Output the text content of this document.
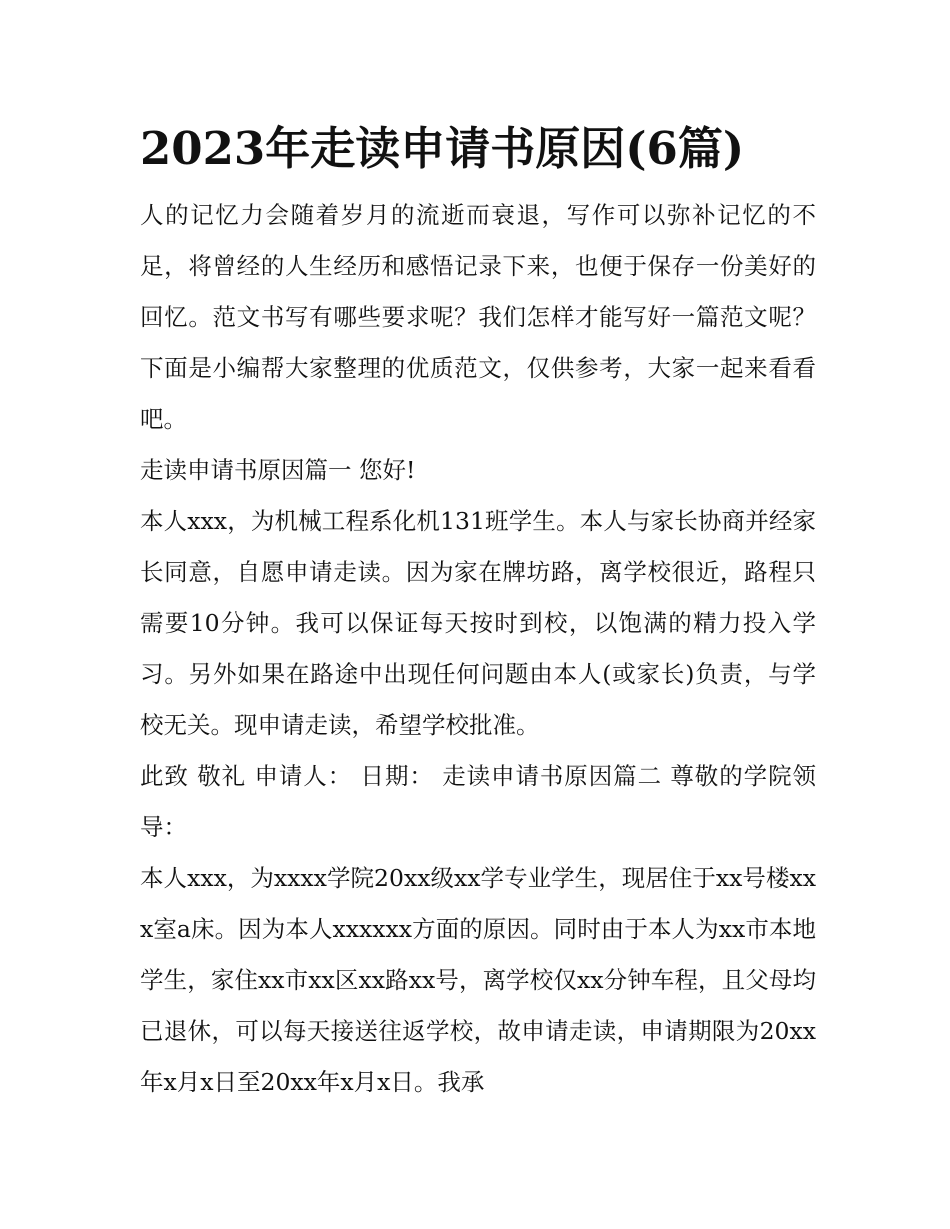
2023年走读申请书原因(6篇)

人的记忆力会随着岁月的流逝而衰退，写作可以弥补记忆的不足，将曾经的人生经历和感悟记录下来，也便于保存一份美好的回忆。范文书写有哪些要求呢？我们怎样才能写好一篇范文呢？下面是小编帮大家整理的优质范文，仅供参考，大家一起来看看吧。

走读申请书原因篇一 您好!

本人xxx，为机械工程系化机131班学生。本人与家长协商并经家长同意，自愿申请走读。因为家在牌坊路，离学校很近，路程只需要10分钟。我可以保证每天按时到校，以饱满的精力投入学习。另外如果在路途中出现任何问题由本人(或家长)负责，与学校无关。现申请走读，希望学校批准。

此致 敬礼 申请人： 日期： 走读申请书原因篇二 尊敬的学院领导：

本人xxx，为xxxx学院20xx级xx学专业学生，现居住于xx号楼xxx室a床。因为本人xxxxxx方面的原因。同时由于本人为xx市本地学生，家住xx市xx区xx路xx号，离学校仅xx分钟车程，且父母均已退休，可以每天接送往返学校，故申请走读，申请期限为20xx年x月x日至20xx年x月x日。我承
